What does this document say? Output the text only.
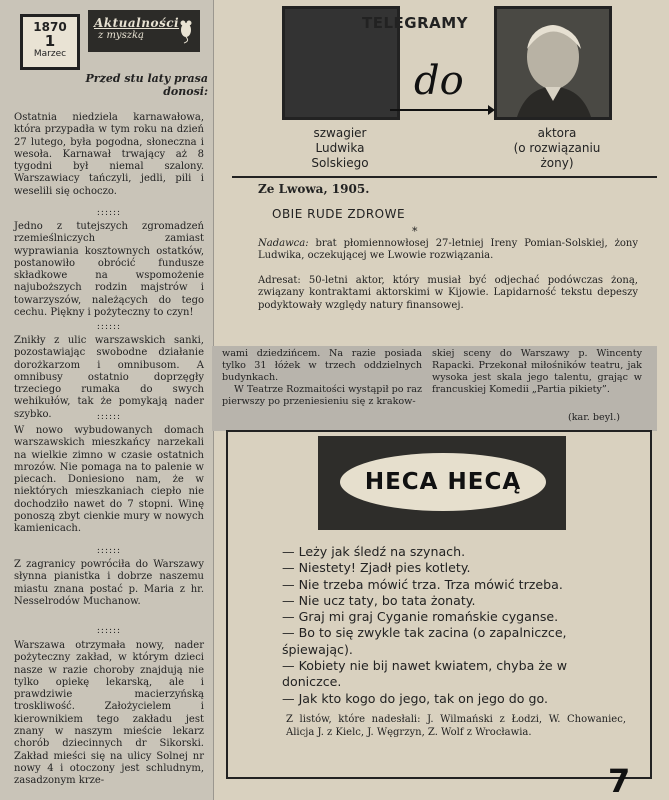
1870
1
Marzec
Aktualności
z myszką
Przed stu laty prasa donosi:
Ostatnia niedziela karnawałowa, która przypadła w tym roku na dzień 27 lutego, była pogodna, słoneczna i wesoła. Karnawał trwający aż 8 tygodni był niemal szalony. Warszawiacy tańczyli, jedli, pili i weselili się ochoczo.
::::::
Jedno z tutejszych zgromadzeń rzemieślniczych zamiast wyprawiania kosztownych ostatków, postanowiło obrócić fundusze składkowe na wspomożenie najuboższych rodzin majstrów i towarzyszów, należących do tego cechu. Piękny i pożyteczny to czyn!
::::::
Znikły z ulic warszawskich sanki, pozostawiając swobodne działanie dorożkarzom i omnibusom. A omnibusy ostatnio doprzęgły trzeciego rumaka do swych wehikułów, tak że pomykają nader szybko.	::::::
W nowo wybudowanych domach warszawskich mieszkańcy narzekali na wielkie zimno w czasie ostatnich mrozów. Nie pomaga na to palenie w piecach. Doniesiono nam, że w niektórych mieszkaniach ciepło nie dochodziło nawet do 7 stopni. Winę ponoszą zbyt cienkie mury w nowych kamienicach.
::::::
Z zagranicy powróciła do Warszawy słynna pianistka i dobrze naszemu miastu znana postać p. Maria z hr. Nesselrodów Muchanow.
::::::
Warszawa otrzymała nowy, nader pożyteczny zakład, w którym dzieci nasze w razie choroby znajdują nie tylko opiekę lekarską, ale i prawdziwie macierzyńską troskliwość. Założycielem i kierownikiem tego zakładu jest znany w naszym mieście lekarz chorób dziecinnych dr Sikorski. Zakład mieści się na ulicy Solnej nr nowy 4 i otoczony jest schludnym, zasadzonym krze-
TELEGRAMY
do
szwagier
Ludwika
Solskiego
aktora
(o rozwiązaniu
żony)
Ze Lwowa, 1905.
OBIE RUDE ZDROWE
*
Nadawca: brat płomiennowłosej 27-letniej Ireny Pomian-Solskiej, żony Ludwika, oczekującej we Lwowie rozwiązania.
Adresat: 50-letni aktor, który musiał być odjechać podówczas żoną, związany kontraktami aktorskimi w Kijowie. Lapidarność tekstu depeszy podyktowały względy natury finansowej.
wami dziedzińcem. Na razie posiada tylko 31 łóżek w trzech oddzielnych budynkach.
W Teatrze Rozmaitości wystąpił po raz pierwszy po przeniesieniu się z krakow-
skiej sceny do Warszawy p. Wincenty Rapacki. Przekonał miłośników teatru, jak wysoka jest skala jego talentu, grając w francuskiej Komedii „Partia pikiety”.
(kar. beyl.)
HECA HECĄ
— Leży jak śledź na szynach.
— Niestety! Zjadł pies kotlety.
— Nie trzeba mówić trza. Trza mówić trzeba.
— Nie ucz taty, bo tata żonaty.
— Graj mi graj Cyganie romańskie cyganse.
— Bo to się zwykle tak zacina (o zapalniczce, śpiewając).
— Kobiety nie bij nawet kwiatem, chyba że w doniczce.
— Jak kto kogo do jego, tak on jego do go.
Z listów, które nadesłali: J. Wilmański z Łodzi, W. Chowaniec, Alicja J. z Kielc, J. Węgrzyn, Z. Wolf z Wrocławia.
7
